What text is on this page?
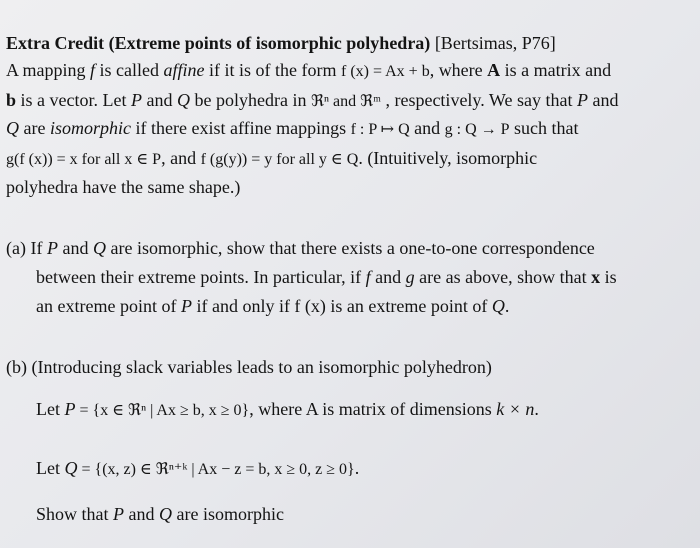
Extra Credit (Extreme points of isomorphic polyhedra) [Bertsimas, P76]
A mapping f is called affine if it is of the form f (x) = Ax + b, where A is a matrix and
b is a vector. Let P and Q be polyhedra in ℜⁿ and ℜᵐ , respectively. We say that P and
Q are isomorphic if there exist affine mappings f : P ↦ Q and g : Q → P such that
g(f (x)) = x for all x ∈ P, and f (g(y)) = y for all y ∈ Q. (Intuitively, isomorphic
polyhedra have the same shape.)
(a) If P and Q are isomorphic, show that there exists a one-to-one correspondence
between their extreme points. In particular, if f and g are as above, show that x is
an extreme point of P if and only if f (x) is an extreme point of Q.
(b) (Introducing slack variables leads to an isomorphic polyhedron)
Let P = {x ∈ ℜⁿ | Ax ≥ b, x ≥ 0}, where A is matrix of dimensions k × n.
Let Q = {(x, z) ∈ ℜⁿ⁺ᵏ | Ax − z = b, x ≥ 0, z ≥ 0}.
Show that P and Q are isomorphic
